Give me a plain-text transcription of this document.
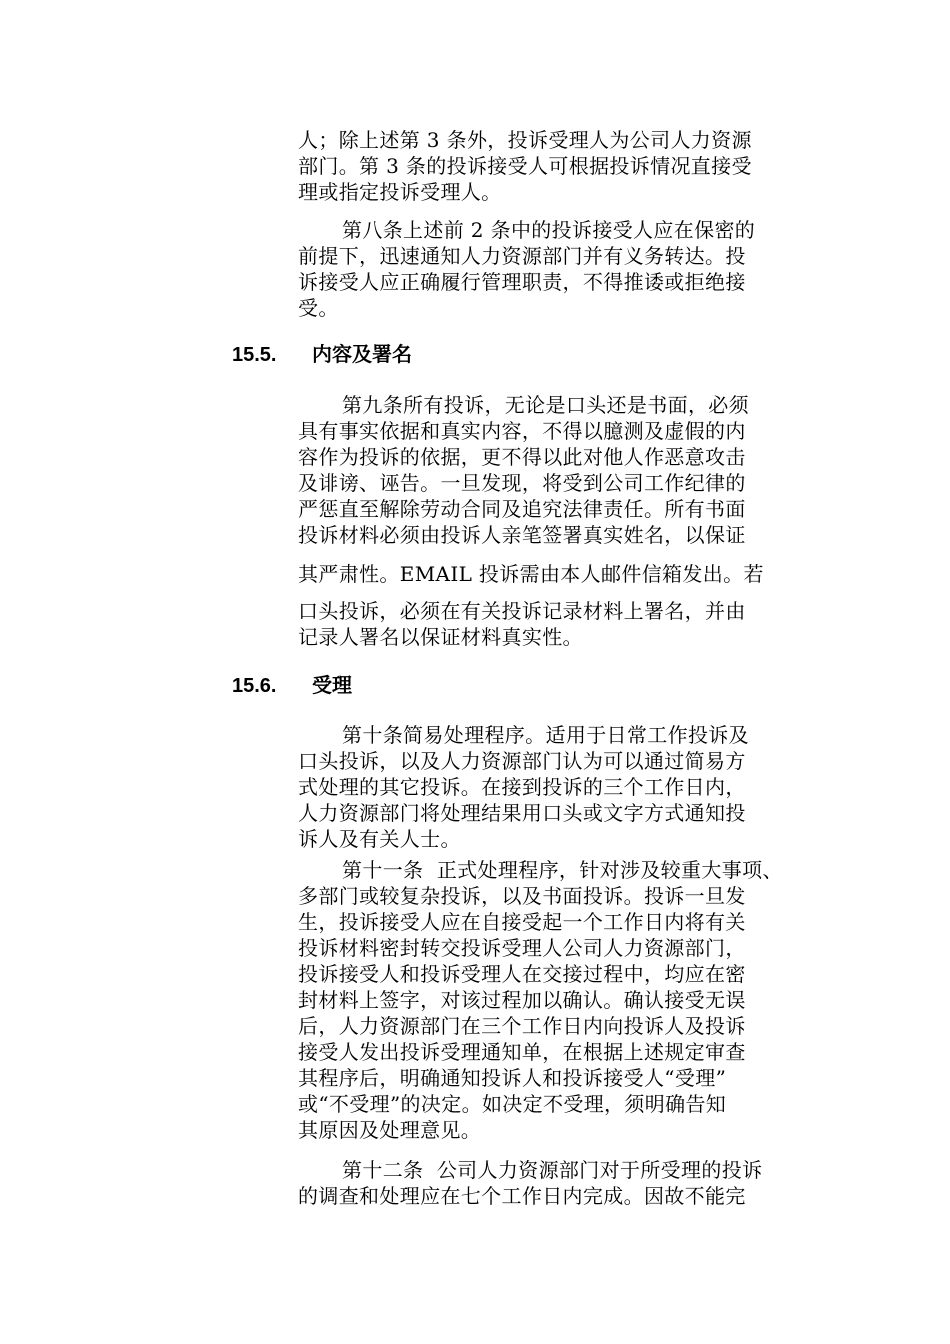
人；除上述第 3 条外，投诉受理人为公司人力资源
部门。第 3 条的投诉接受人可根据投诉情况直接受
理或指定投诉受理人。
第八条上述前 2 条中的投诉接受人应在保密的
前提下，迅速通知人力资源部门并有义务转达。投
诉接受人应正确履行管理职责，不得推诿或拒绝接
受。
15.5. 内容及署名
第九条所有投诉，无论是口头还是书面，必须
具有事实依据和真实内容，不得以臆测及虚假的内
容作为投诉的依据，更不得以此对他人作恶意攻击
及诽谤、诬告。一旦发现，将受到公司工作纪律的
严惩直至解除劳动合同及追究法律责任。所有书面
投诉材料必须由投诉人亲笔签署真实姓名，以保证
其严肃性。EMAIL 投诉需由本人邮件信箱发出。若
口头投诉，必须在有关投诉记录材料上署名，并由
记录人署名以保证材料真实性。
15.6. 受理
第十条简易处理程序。适用于日常工作投诉及
口头投诉，以及人力资源部门认为可以通过简易方
式处理的其它投诉。在接到投诉的三个工作日内，
人力资源部门将处理结果用口头或文字方式通知投
诉人及有关人士。
第十一条  正式处理程序，针对涉及较重大事项、
多部门或较复杂投诉，以及书面投诉。投诉一旦发
生，投诉接受人应在自接受起一个工作日内将有关
投诉材料密封转交投诉受理人公司人力资源部门，
投诉接受人和投诉受理人在交接过程中，均应在密
封材料上签字，对该过程加以确认。确认接受无误
后，人力资源部门在三个工作日内向投诉人及投诉
接受人发出投诉受理通知单，在根据上述规定审查
其程序后，明确通知投诉人和投诉接受人“受理”
或“不受理”的决定。如决定不受理，须明确告知
其原因及处理意见。
第十二条  公司人力资源部门对于所受理的投诉
的调查和处理应在七个工作日内完成。因故不能完
